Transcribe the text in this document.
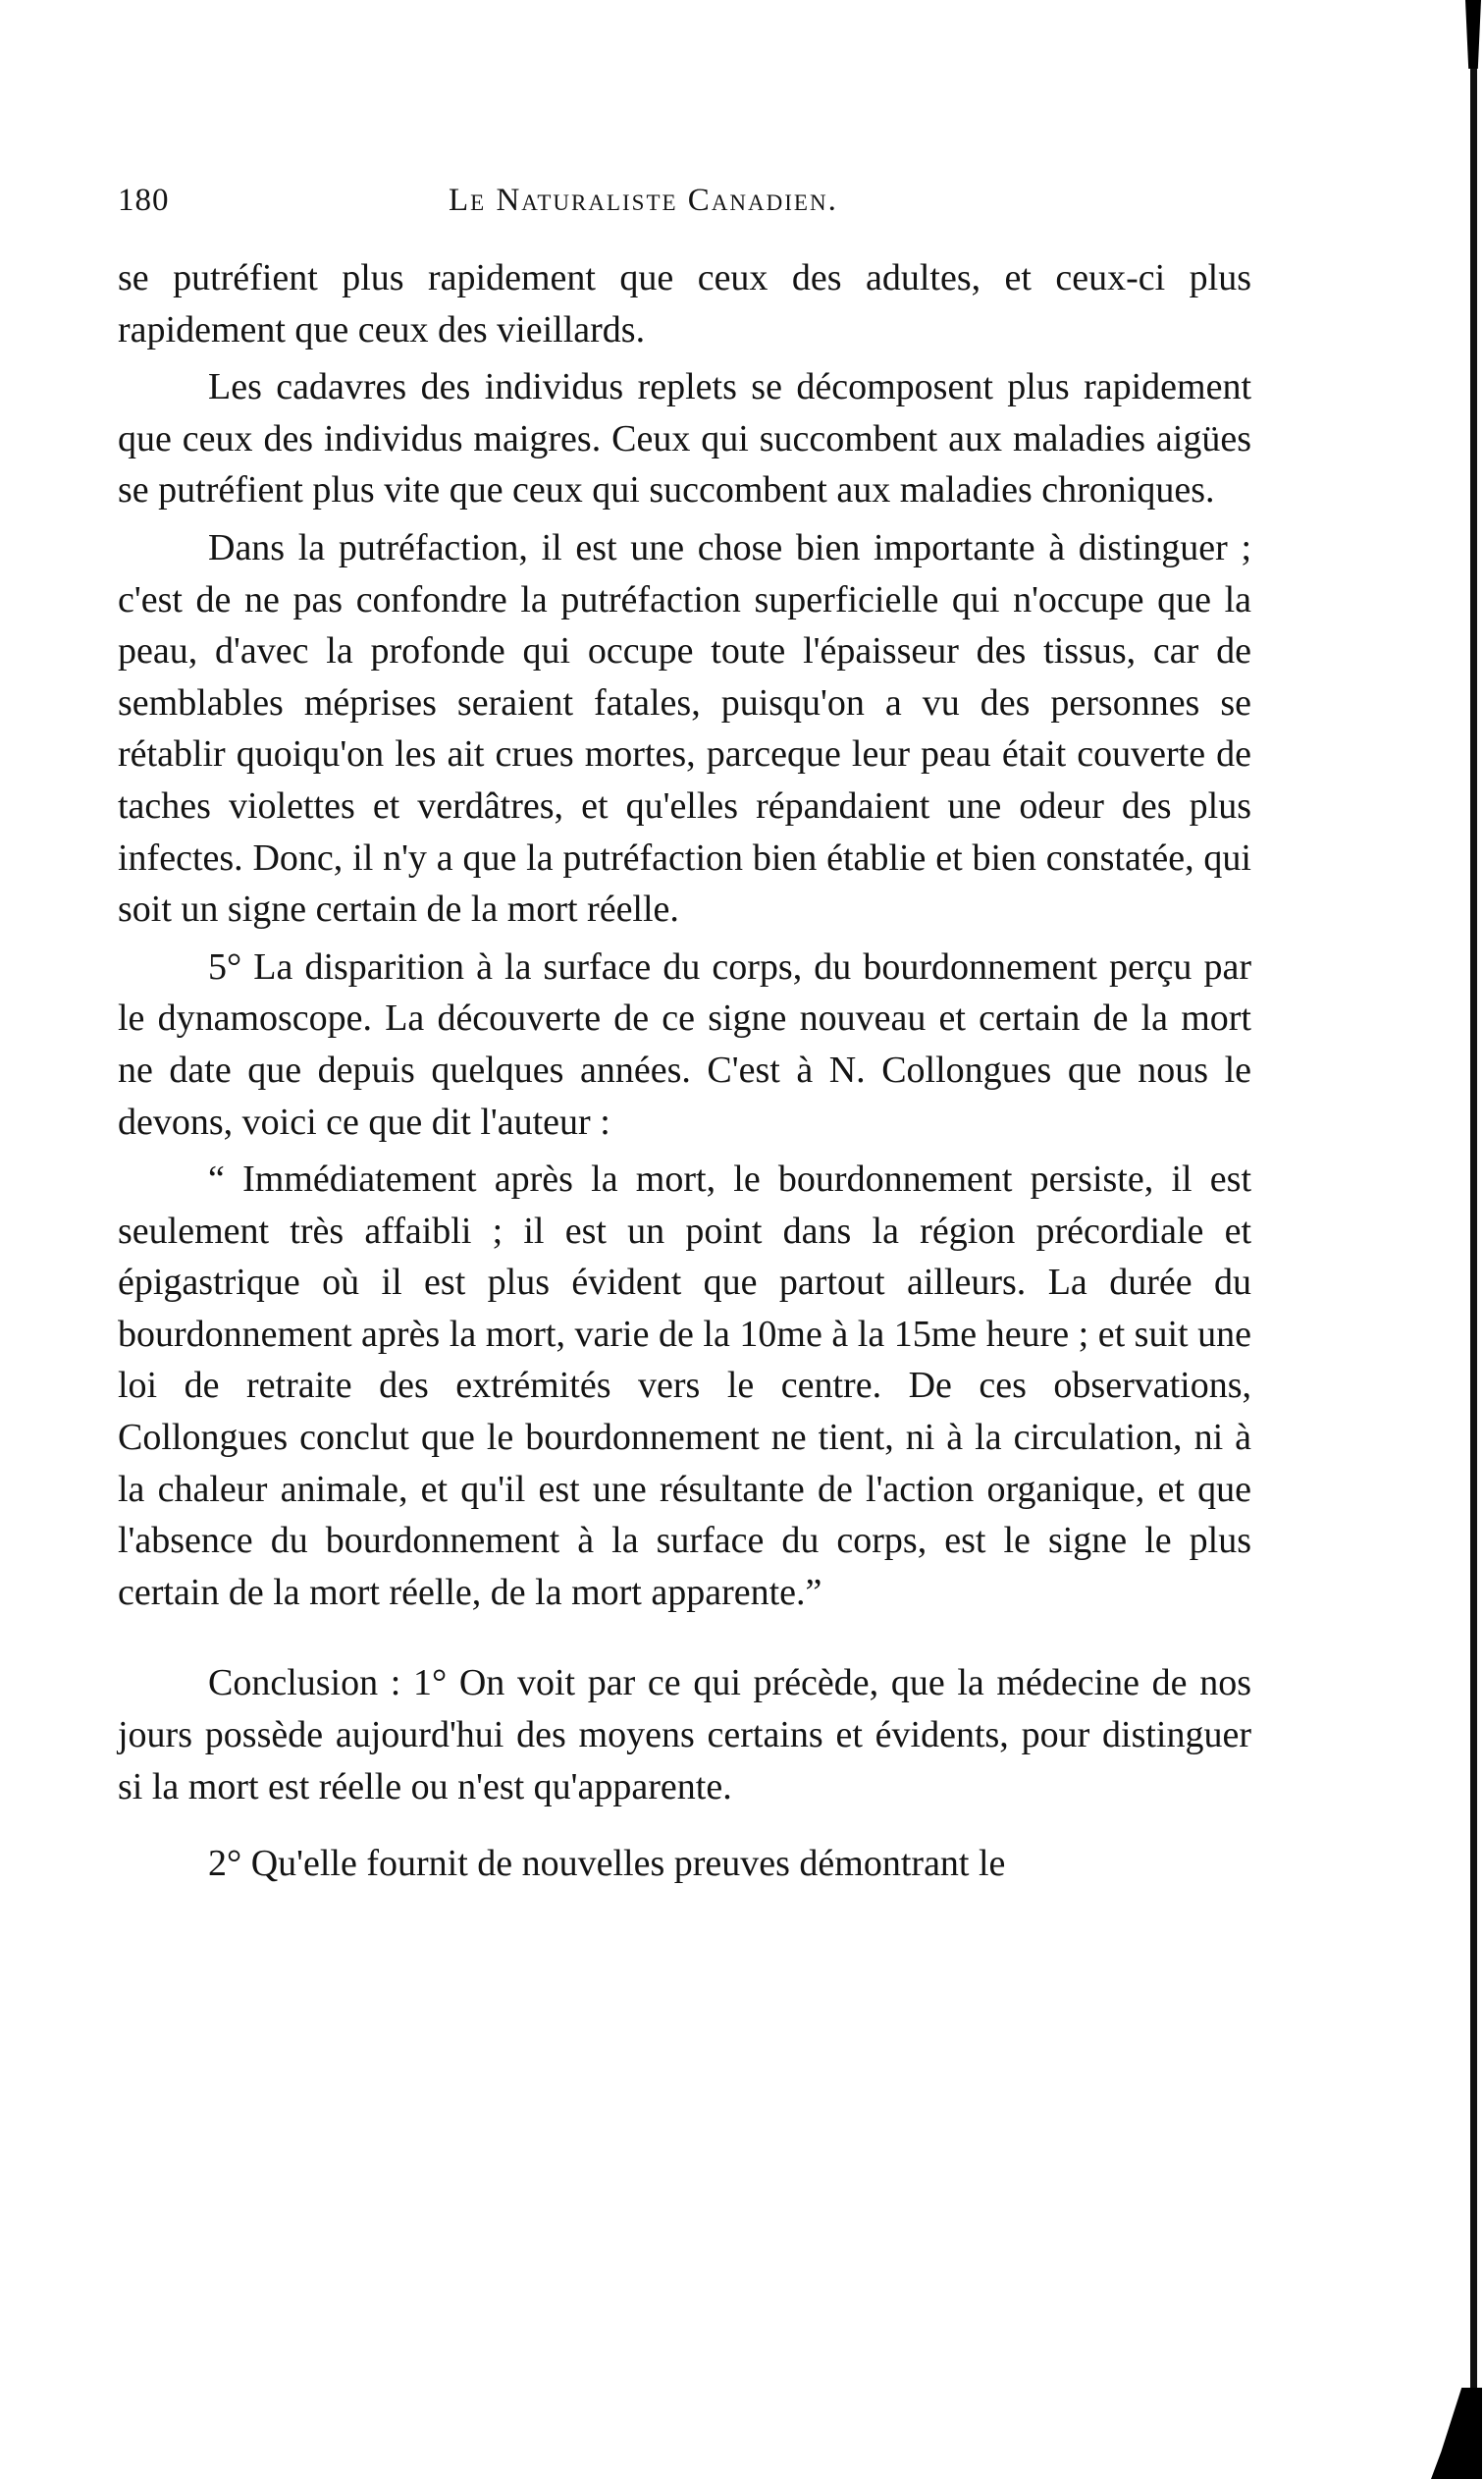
180	Le Naturaliste Canadien.

se putréfient plus rapidement que ceux des adultes, et ceux-ci plus rapidement que ceux des vieillards.

Les cadavres des individus replets se décomposent plus rapidement que ceux des individus maigres. Ceux qui succombent aux maladies aigües se putréfient plus vite que ceux qui succombent aux maladies chroniques.

Dans la putréfaction, il est une chose bien importante à distinguer ; c'est de ne pas confondre la putréfaction superficielle qui n'occupe que la peau, d'avec la profonde qui occupe toute l'épaisseur des tissus, car de semblables méprises seraient fatales, puisqu'on a vu des personnes se rétablir quoiqu'on les ait crues mortes, parceque leur peau était couverte de taches violettes et verdâtres, et qu'elles répandaient une odeur des plus infectes. Donc, il n'y a que la putréfaction bien établie et bien constatée, qui soit un signe certain de la mort réelle.

5° La disparition à la surface du corps, du bourdonnement perçu par le dynamoscope. La découverte de ce signe nouveau et certain de la mort ne date que depuis quelques années. C'est à N. Collongues que nous le devons, voici ce que dit l'auteur :

“ Immédiatement après la mort, le bourdonnement persiste, il est seulement très affaibli ; il est un point dans la région précordiale et épigastrique où il est plus évident que partout ailleurs. La durée du bourdonnement après la mort, varie de la 10me à la 15me heure ; et suit une loi de retraite des extrémités vers le centre. De ces observations, Collongues conclut que le bourdonnement ne tient, ni à la circulation, ni à la chaleur animale, et qu'il est une résultante de l'action organique, et que l'absence du bourdonnement à la surface du corps, est le signe le plus certain de la mort réelle, de la mort apparente.”

Conclusion : 1° On voit par ce qui précède, que la médecine de nos jours possède aujourd'hui des moyens certains et évidents, pour distinguer si la mort est réelle ou n'est qu'apparente.

2° Qu'elle fournit de nouvelles preuves démontrant le
